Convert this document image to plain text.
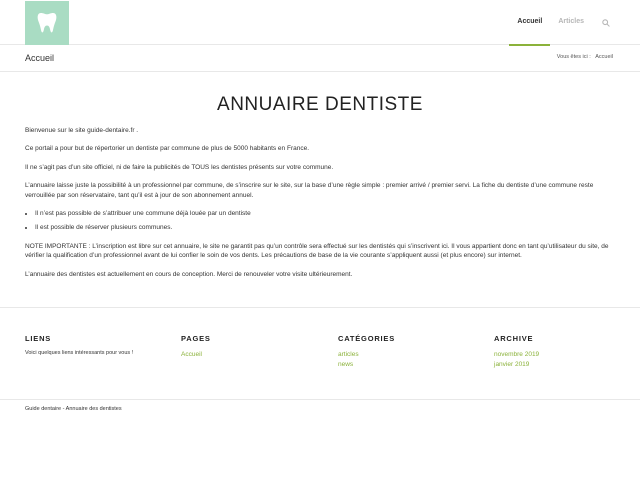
Accueil Articles
Accueil	Vous êtes ici : Accueil
ANNUAIRE DENTISTE

Bienvenue sur le site guide-dentaire.fr .

Ce portail a pour but de répertorier un dentiste par commune de plus de 5000 habitants en France.

Il ne s’agit pas d’un site officiel, ni de faire la publicités de TOUS les dentistes présents sur votre commune.

L’annuaire laisse juste la possibilité à un professionnel par commune, de s’inscrire sur le site, sur la base d’une règle simple : premier arrivé / premier servi. La fiche du dentiste d’une commune reste verrouillée par son réservataire, tant qu’il est à jour de son abonnement annuel.

• Il n’est pas possible de s’attribuer une commune déjà louée par un dentiste
• Il est possible de réserver plusieurs communes.

NOTE IMPORTANTE : L’inscription est libre sur cet annuaire, le site ne garantit pas qu’un contrôle sera effectué sur les dentistés qui s’inscrivent ici. Il vous appartient donc en tant qu’utilisateur du site, de vérifier la qualification d’un professionnel avant de lui confier le soin de vos dents. Les précautions de base de la vie courante s’appliquent aussi (et plus encore) sur internet.

L’annuaire des dentistes est actuellement en cours de conception. Merci de renouveler votre visite ultérieurement.

LIENS
Voici quelques liens intéressants pour vous !
PAGES
Accueil
CATÉGORIES
articles
news
ARCHIVE
novembre 2019
janvier 2019
Guide dentaire - Annuaire des dentistes
